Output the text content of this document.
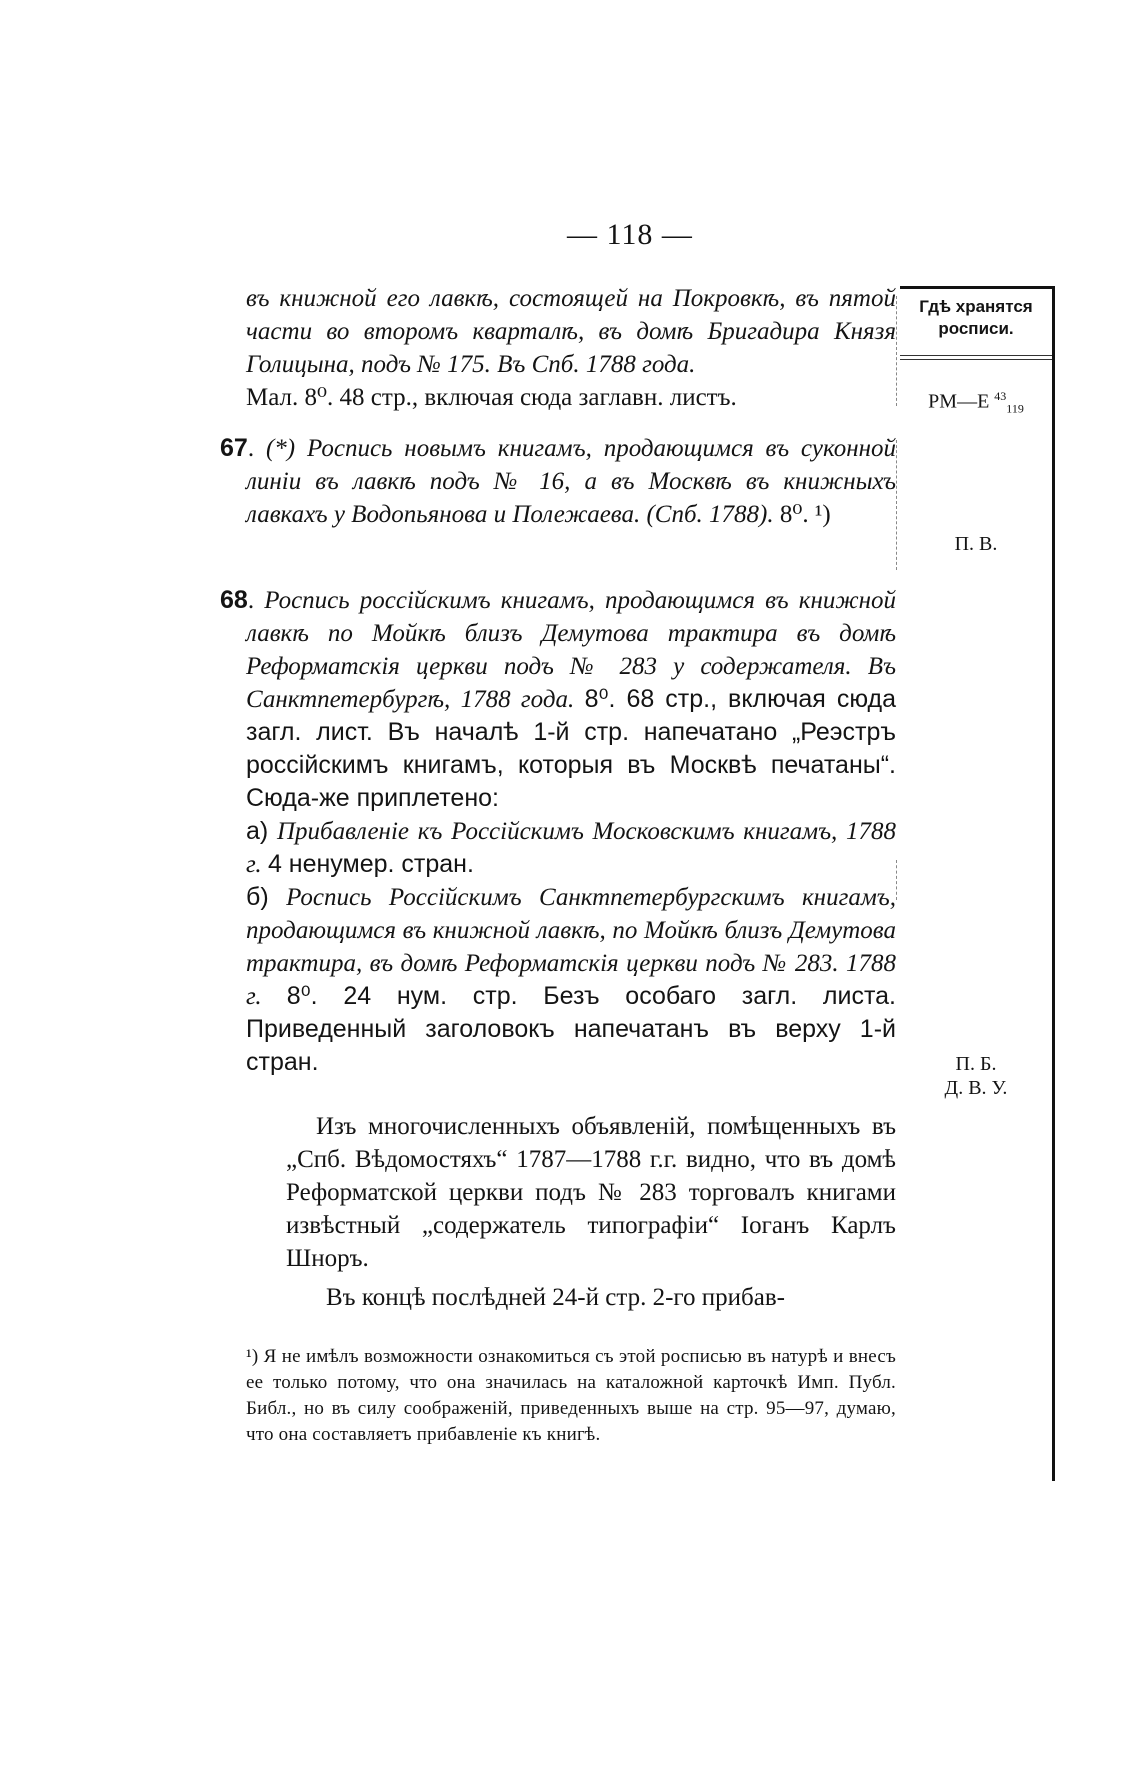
— 118 —
Гдѣ хранятся
росписи.
РМ—Е $^{43}_{119}$
П. В.
П. Б.
Д. В. У.
въ книжной его лавкѣ, состоящей на Покровкѣ, въ пятой части во второмъ кварталѣ, въ домѣ Бригадира Князя Голицына, подъ № 175. Въ Спб. 1788 года.
Мал. 8⁰. 48 стр., включая сюда заглавн. листъ.
67. (*) Роспись новымъ книгамъ, продающимся въ суконной линіи въ лавкѣ подъ № 16, а въ Москвѣ въ книжныхъ лавкахъ у Водопьянова и Полежаева. (Спб. 1788). 8⁰. ¹)
68. Роспись россійскимъ книгамъ, продающимся въ книжной лавкѣ по Мойкѣ близъ Демутова трактира въ домѣ Реформатскія церкви подъ № 283 у содержателя. Въ Санктпетербургѣ, 1788 года. 8⁰. 68 стр., включая сюда загл. лист. Въ началѣ 1-й стр. напечатано „Реэстръ россійскимъ книгамъ, которыя въ Москвѣ печатаны“. Сюда-же приплетено:
а) Прибавленіе къ Россійскимъ Московскимъ книгамъ, 1788 г. 4 ненумер. стран.
б) Роспись Россійскимъ Санктпетербургскимъ книгамъ, продающимся въ книжной лавкѣ, по Мойкѣ близъ Демутова трактира, въ домѣ Реформатскія церкви подъ № 283. 1788 г. 8⁰. 24 нум. стр. Безъ особаго загл. листа. Приведенный заголовокъ напечатанъ въ верху 1-й стран.
Изъ многочисленныхъ объявленій, помѣщенныхъ въ „Спб. Вѣдомостяхъ“ 1787—1788 г.г. видно, что въ домѣ Реформатской церкви подъ № 283 торговалъ книгами извѣстный „содержатель типографіи“ Іоганъ Карлъ Шноръ.
Въ концѣ послѣдней 24-й стр. 2-го прибав-
¹) Я не имѣлъ возможности ознакомиться съ этой росписью въ натурѣ и внесъ ее только потому, что она значилась на каталожной карточкѣ Имп. Публ. Библ., но въ силу соображеній, приведенныхъ выше на стр. 95—97, думаю, что она составляетъ прибавленіе къ книгѣ.
